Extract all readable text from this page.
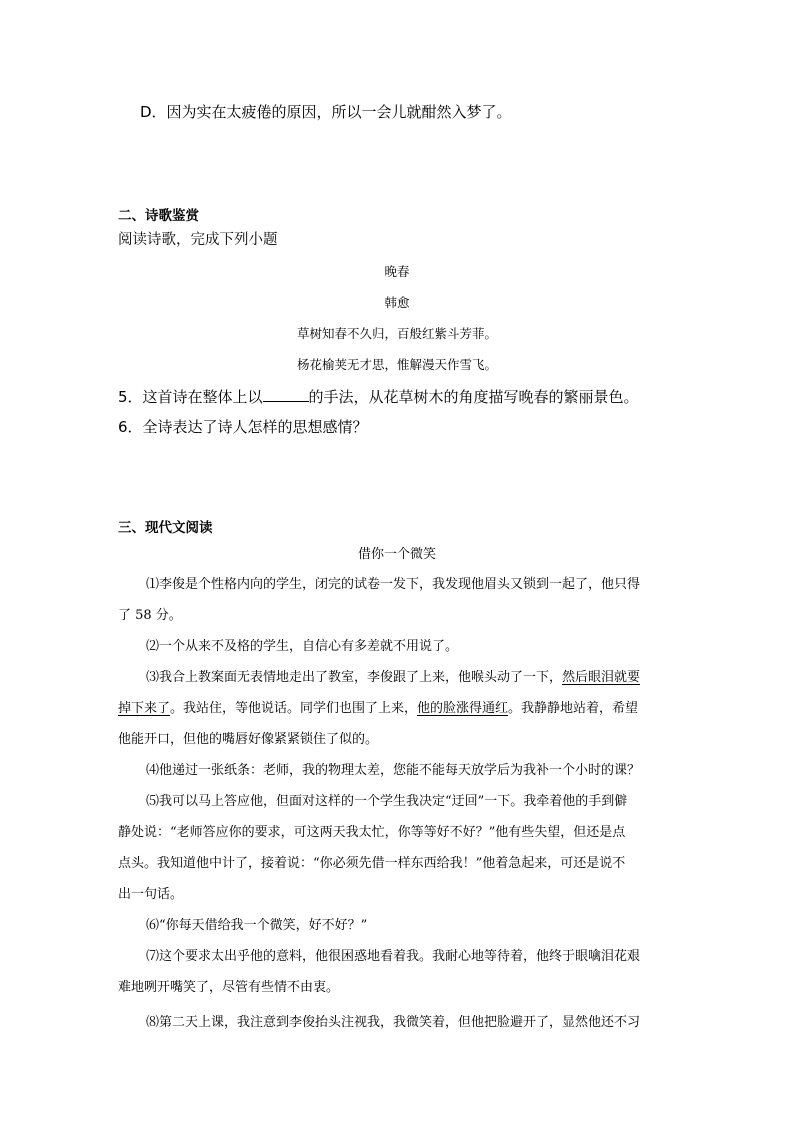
D．因为实在太疲倦的原因，所以一会儿就酣然入梦了。
二、诗歌鉴赏
阅读诗歌，完成下列小题
晚春
韩愈
草树知春不久归，百般红紫斗芳菲。
杨花榆荚无才思，惟解漫天作雪飞。
5．这首诗在整体上以	的手法，从花草树木的角度描写晚春的繁丽景色。
6．全诗表达了诗人怎样的思想感情？
三、现代文阅读
借你一个微笑
⑴李俊是个性格内向的学生，闭完的试卷一发下，我发现他眉头又锁到一起了，他只得
了 58 分。
⑵一个从来不及格的学生，自信心有多差就不用说了。
⑶我合上教案面无表情地走出了教室，李俊跟了上来，他喉头动了一下，然后眼泪就要
掉下来了。我站住，等他说话。同学们也围了上来，他的脸涨得通红。我静静地站着，希望
他能开口，但他的嘴唇好像紧紧锁住了似的。
⑷他递过一张纸条：老师，我的物理太差，您能不能每天放学后为我补一个小时的课？
⑸我可以马上答应他，但面对这样的一个学生我决定“迂回”一下。我牵着他的手到僻
静处说：“老师答应你的要求，可这两天我太忙，你等等好不好？”他有些失望，但还是点
点头。我知道他中计了，接着说：“你必须先借一样东西给我！”他着急起来，可还是说不
出一句话。
⑹“你每天借给我一个微笑，好不好？”
⑺这个要求太出乎他的意料，他很困惑地看着我。我耐心地等待着，他终于眼噙泪花艰
难地咧开嘴笑了，尽管有些情不由衷。
⑻第二天上课，我注意到李俊抬头注视我，我微笑着，但他把脸避开了，显然他还不习
